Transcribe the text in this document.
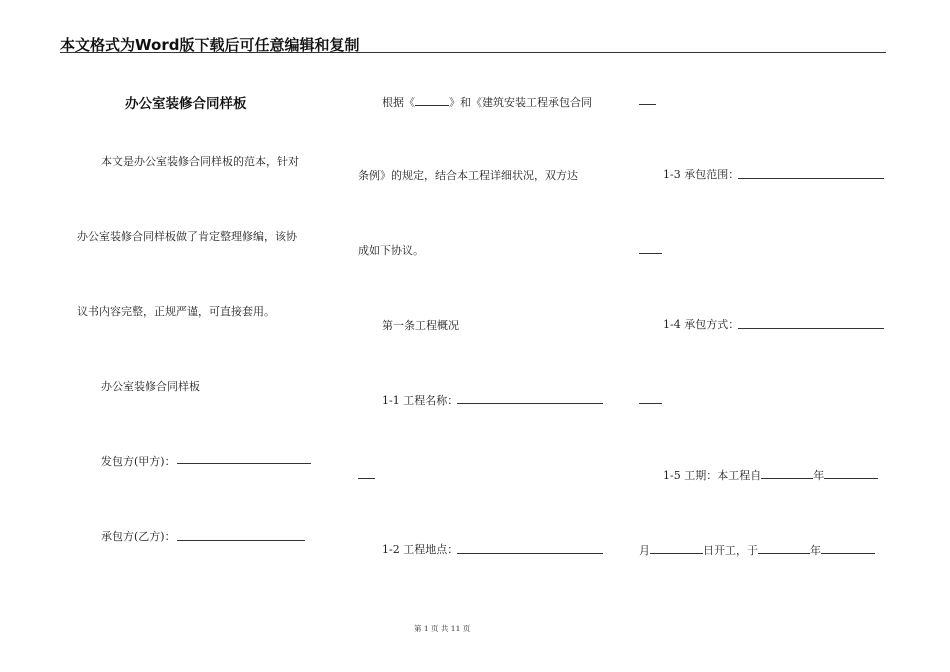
本文格式为Word版下载后可任意编辑和复制
办公室装修合同样板
本文是办公室装修合同样板的范本，针对
办公室装修合同样板做了肯定整理修编，该协
议书内容完整，正规严谨，可直接套用。
办公室装修合同样板
发包方(甲方)：
承包方(乙方)：
根据《	》和《建筑安装工程承包合同
条例》的规定，结合本工程详细状况，双方达
成如下协议。
第一条工程概况
1-1 工程名称：
1-2 工程地点：
1-3 承包范围：
1-4 承包方式：
1-5 工期：本工程自	年
月	日开工，于	年
第 1 页 共 11 页
